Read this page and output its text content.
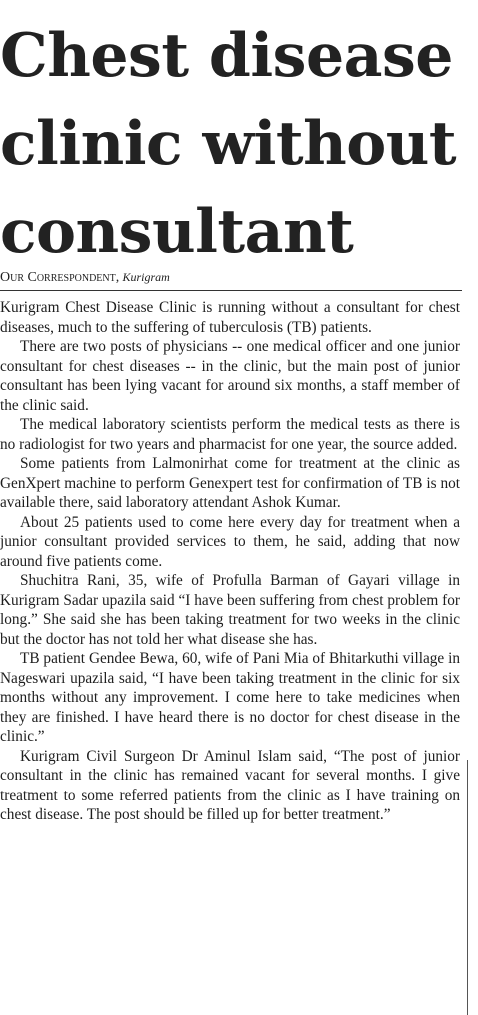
Chest disease
clinic without
consultant
Our Correspondent, Kurigram

Kurigram Chest Disease Clinic is running without a consultant for chest diseases, much to the suffering of tuberculosis (TB) patients.

There are two posts of physicians -- one medical officer and one junior consultant for chest diseases -- in the clinic, but the main post of junior consultant has been lying vacant for around six months, a staff member of the clinic said.

The medical laboratory scientists perform the medical tests as there is no radiologist for two years and pharmacist for one year, the source added.

Some patients from Lalmonirhat come for treatment at the clinic as GenXpert machine to perform Genexpert test for confirmation of TB is not available there, said laboratory attendant Ashok Kumar.

About 25 patients used to come here every day for treatment when a junior consultant provided services to them, he said, adding that now around five patients come.

Shuchitra Rani, 35, wife of Profulla Barman of Gayari village in Kurigram Sadar upazila said “I have been suffering from chest problem for long.” She said she has been taking treatment for two weeks in the clinic but the doctor has not told her what disease she has.

TB patient Gendee Bewa, 60, wife of Pani Mia of Bhitarkuthi village in Nageswari upazila said, “I have been taking treatment in the clinic for six months without any improvement. I come here to take medicines when they are finished. I have heard there is no doctor for chest disease in the clinic.”

Kurigram Civil Surgeon Dr Aminul Islam said, “The post of junior consultant in the clinic has remained vacant for several months. I give treatment to some referred patients from the clinic as I have training on chest disease. The post should be filled up for better treatment.”
